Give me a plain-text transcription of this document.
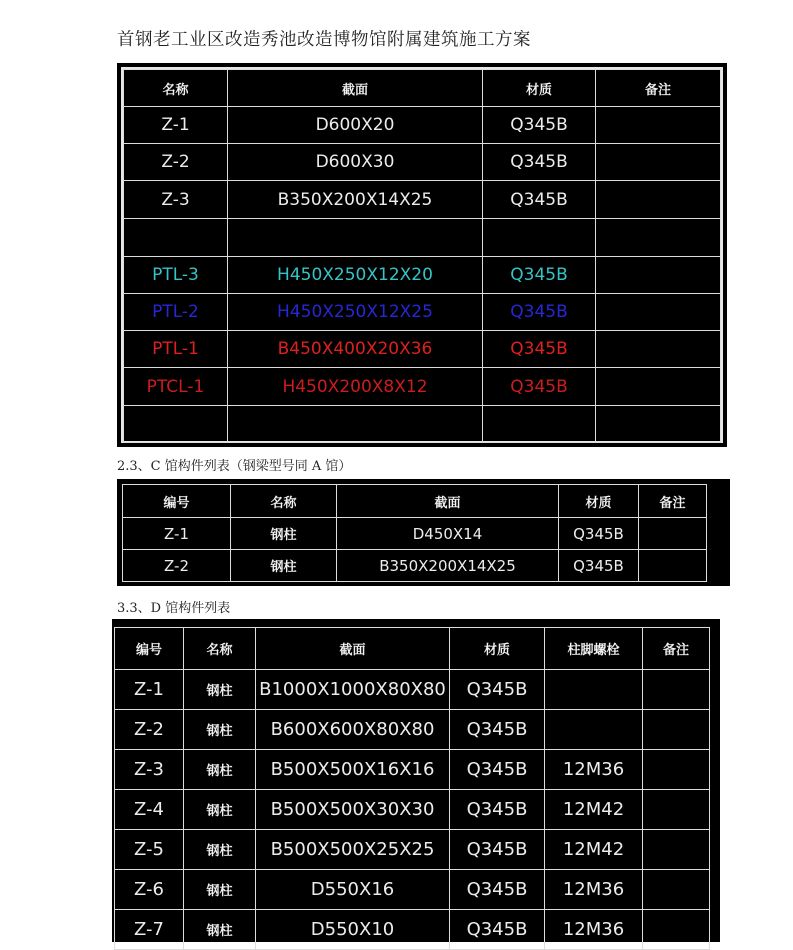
首钢老工业区改造秀池改造博物馆附属建筑施工方案
名称	截面	材质	备注
Z-1	D600X20	Q345B	
Z-2	D600X30	Q345B	
Z-3	B350X200X14X25	Q345B	

PTL-3	H450X250X12X20	Q345B	
PTL-2	H450X250X12X25	Q345B	
PTL-1	B450X400X20X36	Q345B	
PTCL-1	H450X200X8X12	Q345B	

2.3、C 馆构件列表（钢梁型号同 A 馆）
编号	名称	截面	材质	备注
Z-1	钢柱	D450X14	Q345B	
Z-2	钢柱	B350X200X14X25	Q345B	
3.3、D 馆构件列表
编号	名称	截面	材质	柱脚螺栓	备注
Z-1	钢柱	B1000X1000X80X80	Q345B		
Z-2	钢柱	B600X600X80X80	Q345B		
Z-3	钢柱	B500X500X16X16	Q345B	12M36	
Z-4	钢柱	B500X500X30X30	Q345B	12M42	
Z-5	钢柱	B500X500X25X25	Q345B	12M42	
Z-6	钢柱	D550X16	Q345B	12M36	
Z-7	钢柱	D550X10	Q345B	12M36	
